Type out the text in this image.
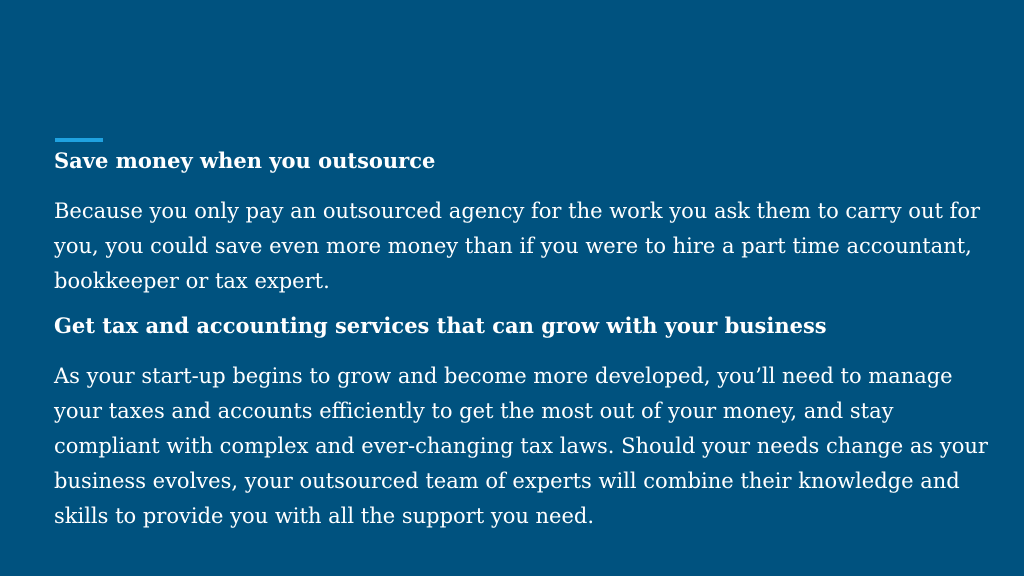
Save money when you outsource

Because you only pay an outsourced agency for the work you ask them to carry out for you, you could save even more money than if you were to hire a part time accountant, bookkeeper or tax expert.

Get tax and accounting services that can grow with your business

As your start-up begins to grow and become more developed, you’ll need to manage your taxes and accounts efficiently to get the most out of your money, and stay compliant with complex and ever-changing tax laws. Should your needs change as your business evolves, your outsourced team of experts will combine their knowledge and skills to provide you with all the support you need.
